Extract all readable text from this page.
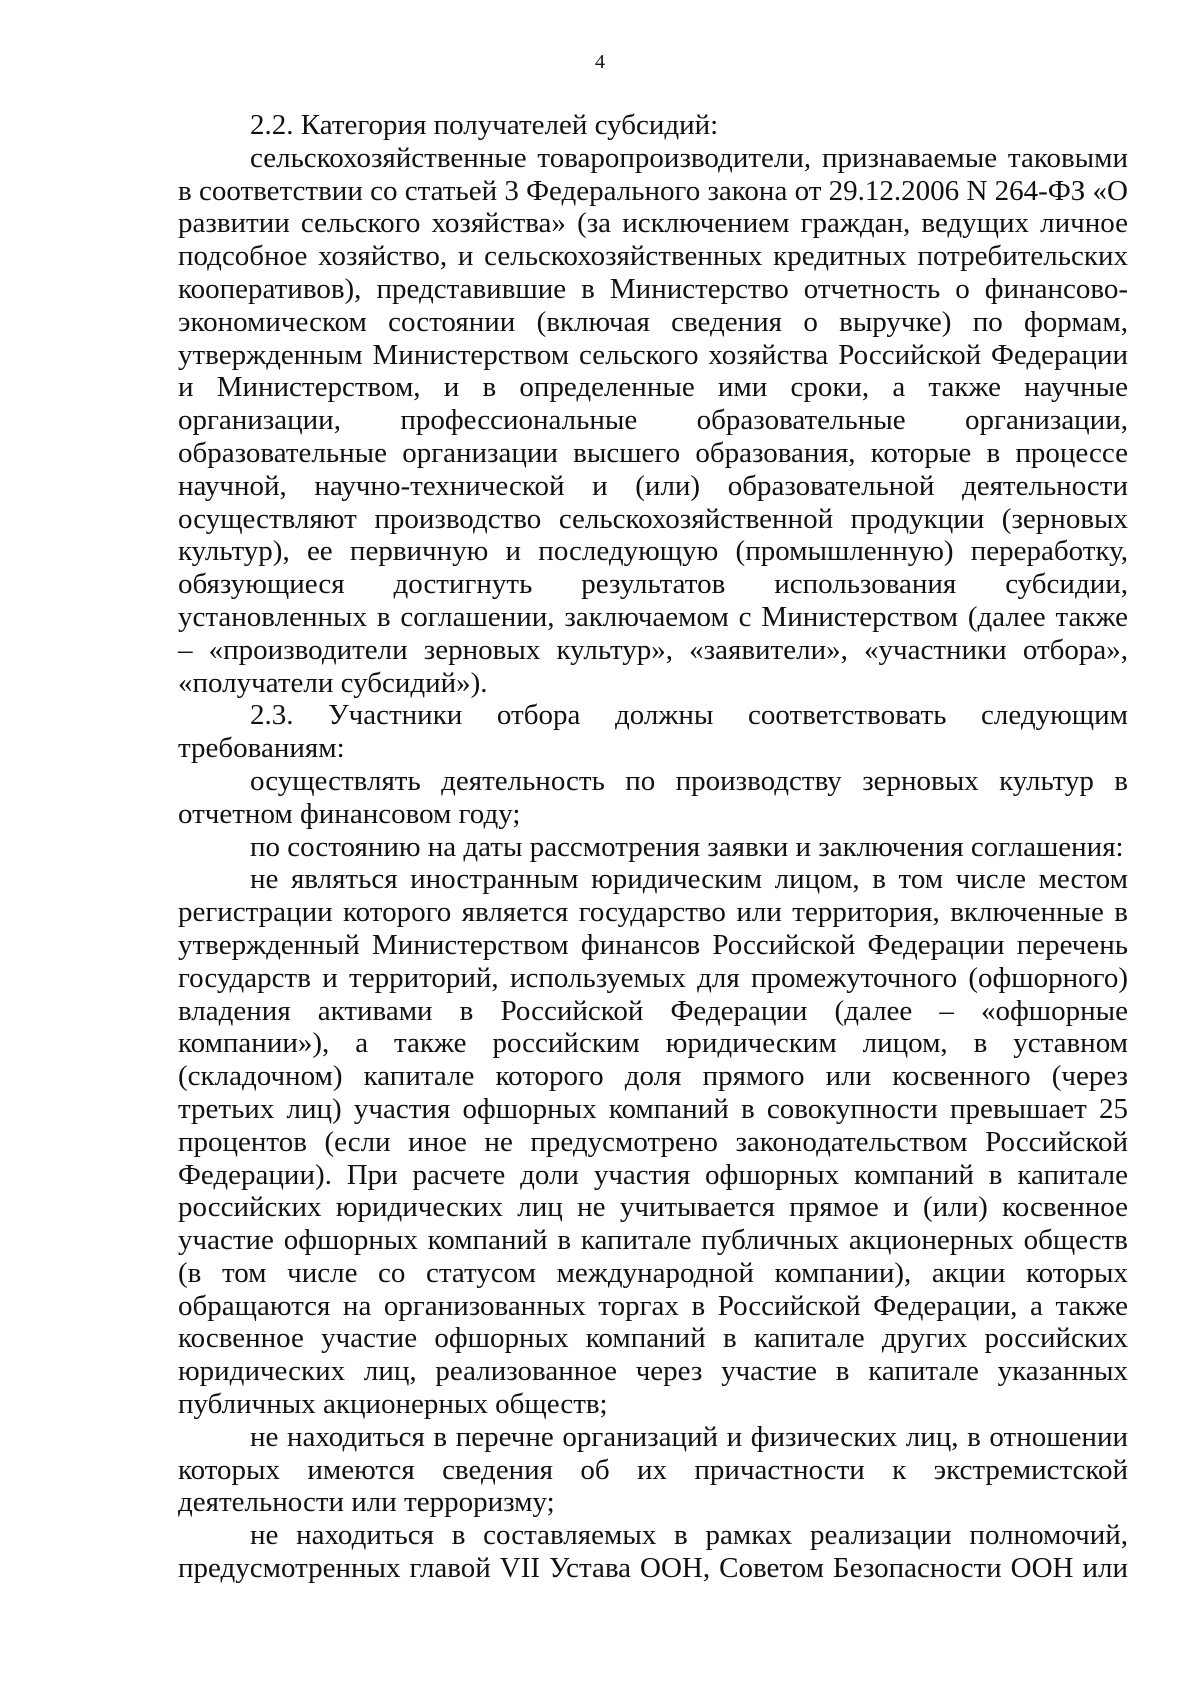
4

2.2. Категория получателей субсидий:

сельскохозяйственные товаропроизводители, признаваемые таковыми в соответствии со статьей 3 Федерального закона от 29.12.2006 N 264-ФЗ «О развитии сельского хозяйства» (за исключением граждан, ведущих личное подсобное хозяйство, и сельскохозяйственных кредитных потребительских кооперативов), представившие в Министерство отчетность о финансово-экономическом состоянии (включая сведения о выручке) по формам, утвержденным Министерством сельского хозяйства Российской Федерации и Министерством, и в определенные ими сроки, а также научные организации, профессиональные образовательные организации, образовательные организации высшего образования, которые в процессе научной, научно-технической и (или) образовательной деятельности осуществляют производство сельскохозяйственной продукции (зерновых культур), ее первичную и последующую (промышленную) переработку, обязующиеся достигнуть результатов использования субсидии, установленных в соглашении, заключаемом с Министерством (далее также – «производители зерновых культур», «заявители», «участники отбора», «получатели субсидий»).

2.3. Участники отбора должны соответствовать следующим требованиям:

осуществлять деятельность по производству зерновых культур в отчетном финансовом году;

по состоянию на даты рассмотрения заявки и заключения соглашения:

не являться иностранным юридическим лицом, в том числе местом регистрации которого является государство или территория, включенные в утвержденный Министерством финансов Российской Федерации перечень государств и территорий, используемых для промежуточного (офшорного) владения активами в Российской Федерации (далее – «офшорные компании»), а также российским юридическим лицом, в уставном (складочном) капитале которого доля прямого или косвенного (через третьих лиц) участия офшорных компаний в совокупности превышает 25 процентов (если иное не предусмотрено законодательством Российской Федерации). При расчете доли участия офшорных компаний в капитале российских юридических лиц не учитывается прямое и (или) косвенное участие офшорных компаний в капитале публичных акционерных обществ (в том числе со статусом международной компании), акции которых обращаются на организованных торгах в Российской Федерации, а также косвенное участие офшорных компаний в капитале других российских юридических лиц, реализованное через участие в капитале указанных публичных акционерных обществ;

не находиться в перечне организаций и физических лиц, в отношении которых имеются сведения об их причастности к экстремистской деятельности или терроризму;

не находиться в составляемых в рамках реализации полномочий, предусмотренных главой VII Устава ООН, Советом Безопасности ООН или
